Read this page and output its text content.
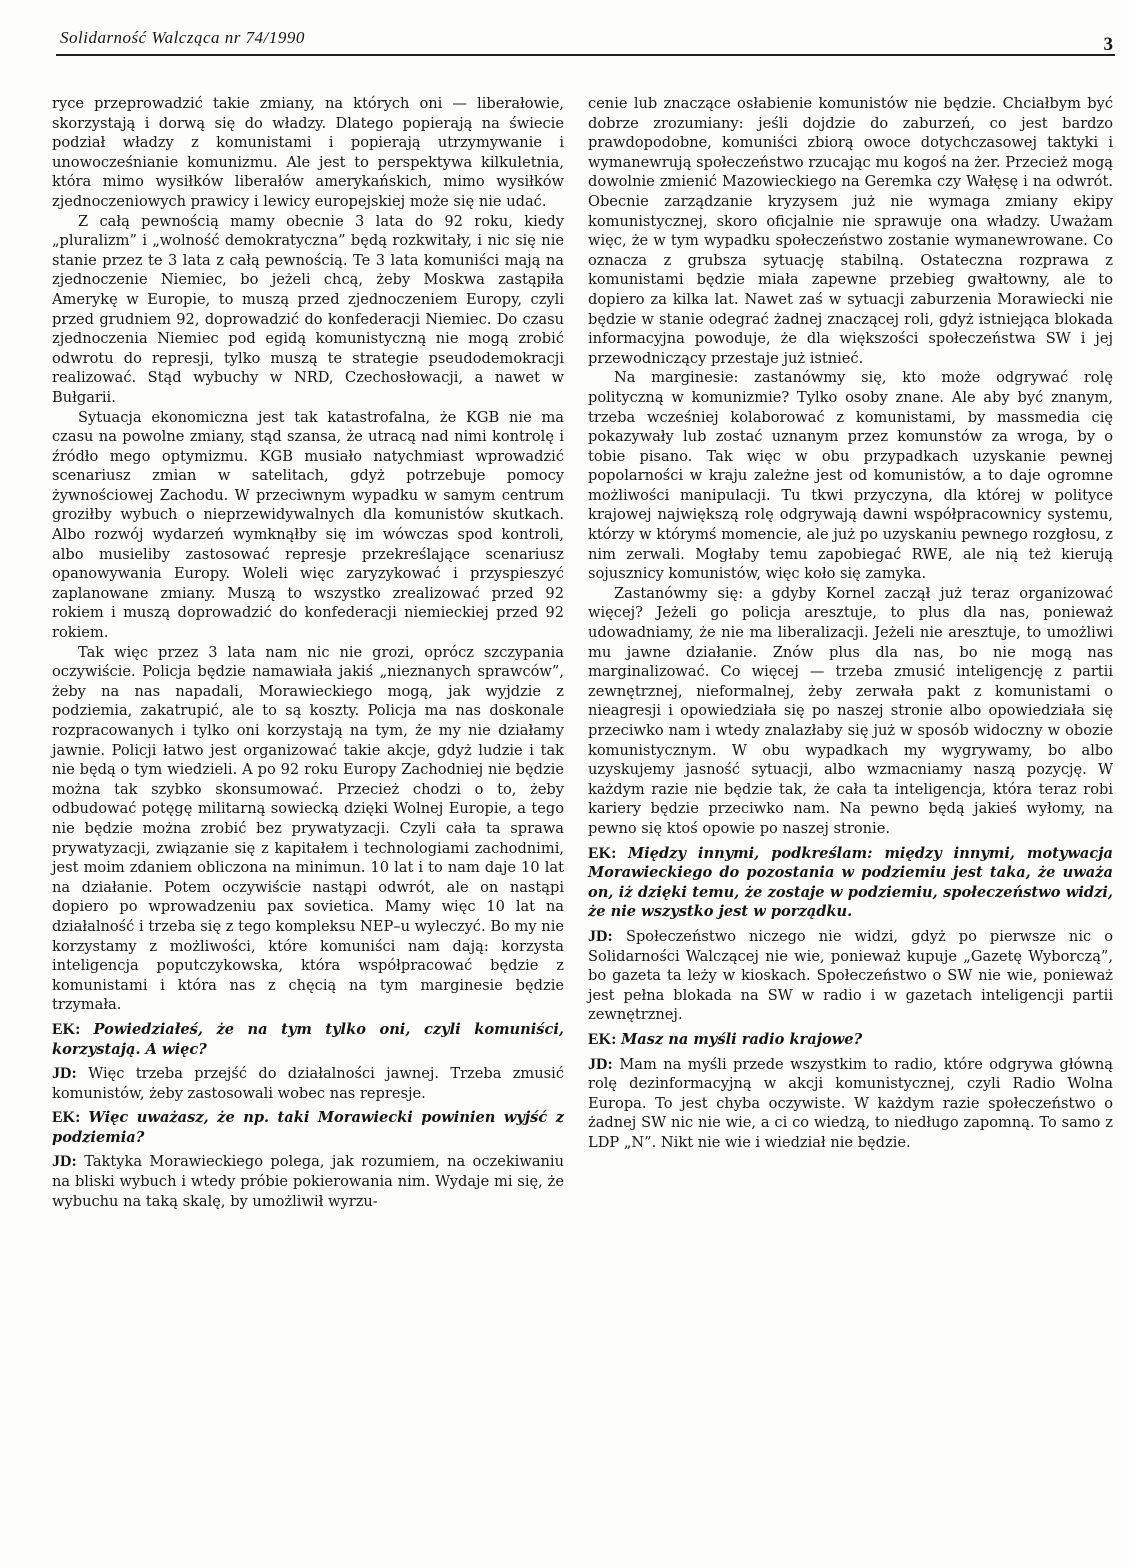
Solidarność Walcząca nr 74/1990	3

ryce przeprowadzić takie zmiany, na których oni — liberałowie, skorzystają i dorwą się do władzy. Dlatego popierają na świecie podział władzy z komunistami i popierają utrzymywanie i unowocześnianie komunizmu. Ale jest to perspektywa kilkuletnia, która mimo wysiłków liberałów amerykańskich, mimo wysiłków zjednoczeniowych prawicy i lewicy europejskiej może się nie udać.

Z całą pewnością mamy obecnie 3 lata do 92 roku, kiedy „pluralizm” i „wolność demokratyczna” będą rozkwitały, i nic się nie stanie przez te 3 lata z całą pewnością. Te 3 lata komuniści mają na zjednoczenie Niemiec, bo jeżeli chcą, żeby Moskwa zastąpiła Amerykę w Europie, to muszą przed zjednoczeniem Europy, czyli przed grudniem 92, doprowadzić do konfederacji Niemiec. Do czasu zjednoczenia Niemiec pod egidą komunistyczną nie mogą zrobić odwrotu do represji, tylko muszą te strategie pseudodemokracji realizować. Stąd wybuchy w NRD, Czechosłowacji, a nawet w Bułgarii.

Sytuacja ekonomiczna jest tak katastrofalna, że KGB nie ma czasu na powolne zmiany, stąd szansa, że utracą nad nimi kontrolę i źródło mego optymizmu. KGB musiało natychmiast wprowadzić scenariusz zmian w satelitach, gdyż potrzebuje pomocy żywnościowej Zachodu. W przeciwnym wypadku w samym centrum groziłby wybuch o nieprzewidywalnych dla komunistów skutkach. Albo rozwój wydarzeń wymknąłby się im wówczas spod kontroli, albo musieliby zastosować represje przekreślające scenariusz opanowywania Europy. Woleli więc zaryzykować i przyspieszyć zaplanowane zmiany. Muszą to wszystko zrealizować przed 92 rokiem i muszą doprowadzić do konfederacji niemieckiej przed 92 rokiem.

Tak więc przez 3 lata nam nic nie grozi, oprócz szczypania oczywiście. Policja będzie namawiała jakiś „nieznanych sprawców”, żeby na nas napadali, Morawieckiego mogą, jak wyjdzie z podziemia, zakatrupić, ale to są koszty. Policja ma nas doskonale rozpracowanych i tylko oni korzystają na tym, że my nie działamy jawnie. Policji łatwo jest organizować takie akcje, gdyż ludzie i tak nie będą o tym wiedzieli. A po 92 roku Europy Zachodniej nie będzie można tak szybko skonsumować. Przecież chodzi o to, żeby odbudować potęgę militarną sowiecką dzięki Wolnej Europie, a tego nie będzie można zrobić bez prywatyzacji. Czyli cała ta sprawa prywatyzacji, związanie się z kapitałem i technologiami zachodnimi, jest moim zdaniem obliczona na minimun. 10 lat i to nam daje 10 lat na działanie. Potem oczywiście nastąpi odwrót, ale on nastąpi dopiero po wprowadzeniu pax sovietica. Mamy więc 10 lat na działalność i trzeba się z tego kompleksu NEP–u wyleczyć. Bo my nie korzystamy z możliwości, które komuniści nam dają: korzysta inteligencja poputczykowska, która współpracować będzie z komunistami i która nas z chęcią na tym marginesie będzie trzymała.

EK: Powiedziałeś, że na tym tylko oni, czyli komuniści, korzystają. A więc?

JD: Więc trzeba przejść do działalności jawnej. Trzeba zmusić komunistów, żeby zastosowali wobec nas represje.

EK: Więc uważasz, że np. taki Morawiecki powinien wyjść z podziemia?

JD: Taktyka Morawieckiego polega, jak rozumiem, na oczekiwaniu na bliski wybuch i wtedy próbie pokierowania nim. Wydaje mi się, że wybuchu na taką skalę, by umożliwił wyrzu-

cenie lub znaczące osłabienie komunistów nie będzie. Chciałbym być dobrze zrozumiany: jeśli dojdzie do zaburzeń, co jest bardzo prawdopodobne, komuniści zbiorą owoce dotychczasowej taktyki i wymanewrują społeczeństwo rzucając mu kogoś na żer. Przecież mogą dowolnie zmienić Mazowieckiego na Geremka czy Wałęsę i na odwrót. Obecnie zarządzanie kryzysem już nie wymaga zmiany ekipy komunistycznej, skoro oficjalnie nie sprawuje ona władzy. Uważam więc, że w tym wypadku społeczeństwo zostanie wymanewrowane. Co oznacza z grubsza sytuację stabilną. Ostateczna rozprawa z komunistami będzie miała zapewne przebieg gwałtowny, ale to dopiero za kilka lat. Nawet zaś w sytuacji zaburzenia Morawiecki nie będzie w stanie odegrać żadnej znaczącej roli, gdyż istniejąca blokada informacyjna powoduje, że dla większości społeczeństwa SW i jej przewodniczący przestaje już istnieć.

Na marginesie: zastanówmy się, kto może odgrywać rolę polityczną w komunizmie? Tylko osoby znane. Ale aby być znanym, trzeba wcześniej kolaborować z komunistami, by massmedia cię pokazywały lub zostać uznanym przez komunstów za wroga, by o tobie pisano. Tak więc w obu przypadkach uzyskanie pewnej popolarności w kraju zależne jest od komunistów, a to daje ogromne możliwości manipulacji. Tu tkwi przyczyna, dla której w polityce krajowej największą rolę odgrywają dawni współpracownicy systemu, którzy w którymś momencie, ale już po uzyskaniu pewnego rozgłosu, z nim zerwali. Mogłaby temu zapobiegać RWE, ale nią też kierują sojusznicy komunistów, więc koło się zamyka.

Zastanówmy się: a gdyby Kornel zaczął już teraz organizować więcej? Jeżeli go policja aresztuje, to plus dla nas, ponieważ udowadniamy, że nie ma liberalizacji. Jeżeli nie aresztuje, to umożliwi mu jawne działanie. Znów plus dla nas, bo nie mogą nas marginalizować. Co więcej — trzeba zmusić inteligencję z partii zewnętrznej, nieformalnej, żeby zerwała pakt z komunistami o nieagresji i opowiedziała się po naszej stronie albo opowiedziała się przeciwko nam i wtedy znalazłaby się już w sposób widoczny w obozie komunistycznym. W obu wypadkach my wygrywamy, bo albo uzyskujemy jasność sytuacji, albo wzmacniamy naszą pozycję. W każdym razie nie będzie tak, że cała ta inteligencja, która teraz robi kariery będzie przeciwko nam. Na pewno będą jakieś wyłomy, na pewno się ktoś opowie po naszej stronie.

EK: Między innymi, podkreślam: między innymi, motywacja Morawieckiego do pozostania w podziemiu jest taka, że uważa on, iż dzięki temu, że zostaje w podziemiu, społeczeństwo widzi, że nie wszystko jest w porządku.

JD: Społeczeństwo niczego nie widzi, gdyż po pierwsze nic o Solidarności Walczącej nie wie, ponieważ kupuje „Gazetę Wyborczą”, bo gazeta ta leży w kioskach. Społeczeństwo o SW nie wie, ponieważ jest pełna blokada na SW w radio i w gazetach inteligencji partii zewnętrznej.

EK: Masz na myśli radio krajowe?

JD: Mam na myśli przede wszystkim to radio, które odgrywa główną rolę dezinformacyjną w akcji komunistycznej, czyli Radio Wolna Europa. To jest chyba oczywiste. W każdym razie społeczeństwo o żadnej SW nic nie wie, a ci co wiedzą, to niedługo zapomną. To samo z LDP „N”. Nikt nie wie i wiedział nie będzie.
